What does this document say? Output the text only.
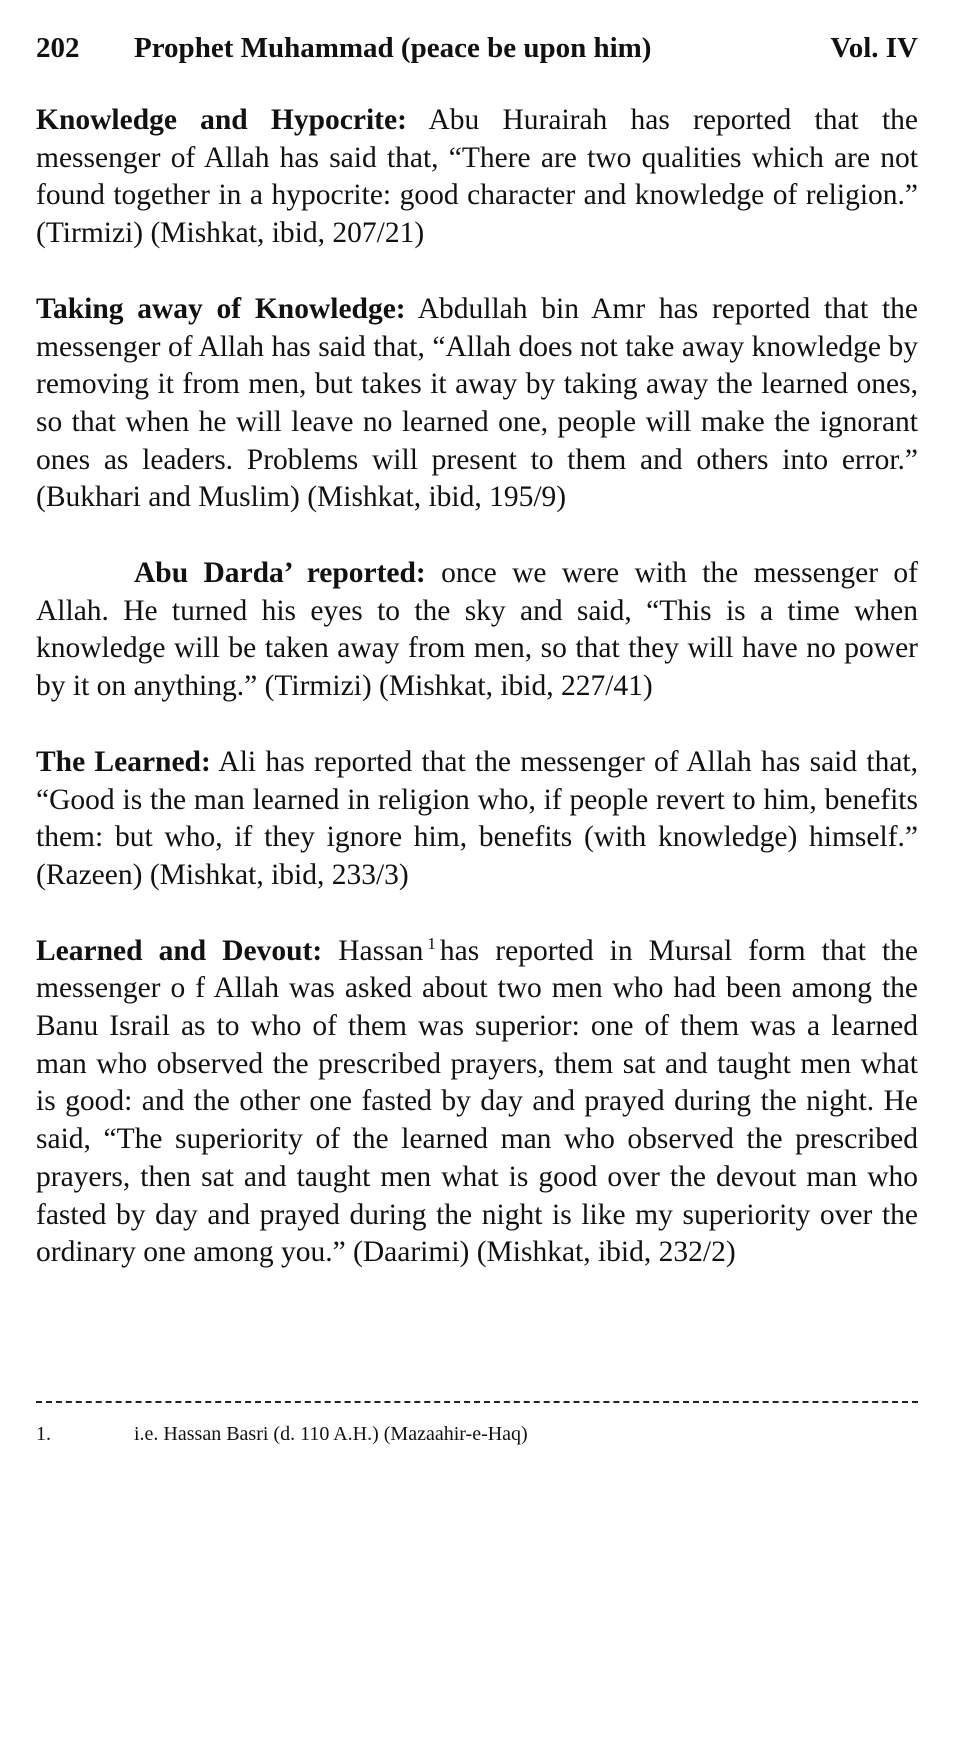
202 Prophet Muhammad (peace be upon him)	Vol. IV

Knowledge and Hypocrite: Abu Hurairah has reported that the messenger of Allah has said that, “There are two qualities which are not found together in a hypocrite: good character and knowledge of religion.” (Tirmizi) (Mishkat, ibid, 207/21)

Taking away of Knowledge: Abdullah bin Amr has reported that the messenger of Allah has said that, “Allah does not take away knowledge by removing it from men, but takes it away by taking away the learned ones, so that when he will leave no learned one, people will make the ignorant ones as leaders. Problems will present to them and others into error.” (Bukhari and Muslim) (Mishkat, ibid, 195/9)

Abu Darda’ reported: once we were with the messenger of Allah. He turned his eyes to the sky and said, “This is a time when knowledge will be taken away from men, so that they will have no power by it on anything.” (Tirmizi) (Mishkat, ibid, 227/41)

The Learned: Ali has reported that the messenger of Allah has said that, “Good is the man learned in religion who, if people revert to him, benefits them: but who, if they ignore him, benefits (with knowledge) himself.” (Razeen) (Mishkat, ibid, 233/3)

Learned and Devout: Hassan $^1$ has reported in Mursal form that the messenger o f Allah was asked about two men who had been among the Banu Israil as to who of them was superior: one of them was a learned man who observed the prescribed prayers, them sat and taught men what is good: and the other one fasted by day and prayed during the night. He said, “The superiority of the learned man who observed the prescribed prayers, then sat and taught men what is good over the devout man who fasted by day and prayed during the night is like my superiority over the ordinary one among you.” (Daarimi) (Mishkat, ibid, 232/2)

1.	i.e. Hassan Basri (d. 110 A.H.) (Mazaahir-e-Haq)
